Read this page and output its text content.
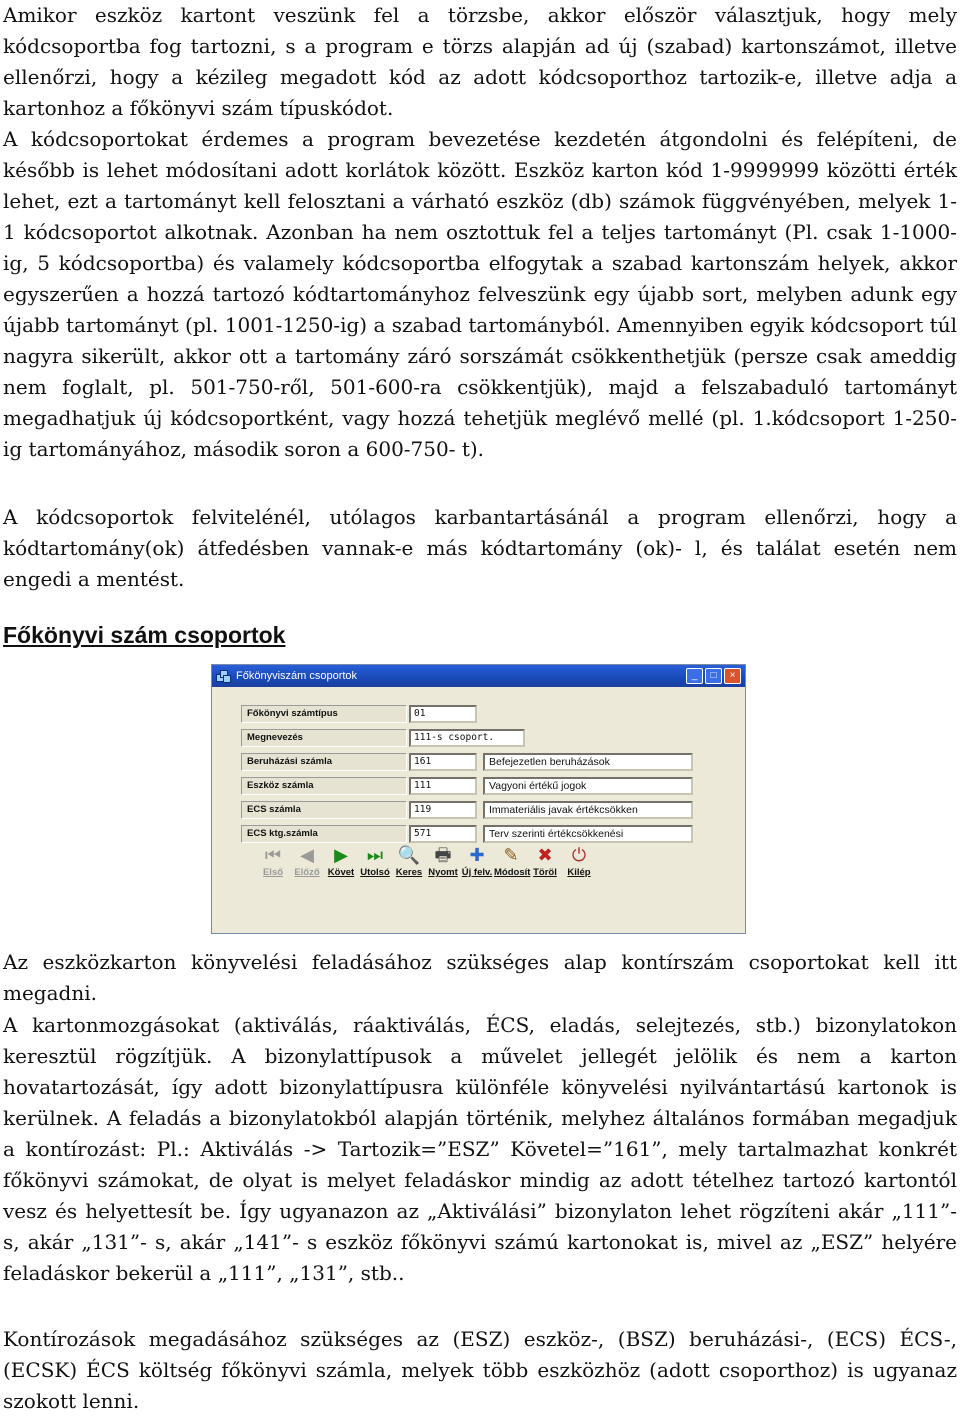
Amikor eszköz kartont veszünk fel a törzsbe, akkor először választjuk, hogy mely kódcsoportba fog tartozni, s a program e törzs alapján ad új (szabad) kartonszámot, illetve ellenőrzi, hogy a kézileg megadott kód az adott kódcsoporthoz tartozik-e, illetve adja a kartonhoz a főkönyvi szám típuskódot.

A kódcsoportokat érdemes a program bevezetése kezdetén átgondolni és felépíteni, de később is lehet módosítani adott korlátok között. Eszköz karton kód 1-9999999 közötti érték lehet, ezt a tartományt kell felosztani a várható eszköz (db) számok függvényében, melyek 1-1 kódcsoportot alkotnak. Azonban ha nem osztottuk fel a teljes tartományt (Pl. csak 1-1000-ig, 5 kódcsoportba) és valamely kódcsoportba elfogytak a szabad kartonszám helyek, akkor egyszerűen a hozzá tartozó kódtartományhoz felveszünk egy újabb sort, melyben adunk egy újabb tartományt (pl. 1001-1250-ig) a szabad tartományból. Amennyiben egyik kódcsoport túl nagyra sikerült, akkor ott a tartomány záró sorszámát csökkenthetjük (persze csak ameddig nem foglalt, pl. 501-750-ről, 501-600-ra csökkentjük), majd a felszabaduló tartományt megadhatjuk új kódcsoportként, vagy hozzá tehetjük meglévő mellé (pl. 1.kódcsoport 1-250-ig tartományához, második soron a 600-750- t).

A kódcsoportok felvitelénél, utólagos karbantartásánál a program ellenőrzi, hogy a kódtartomány(ok) átfedésben vannak-e más kódtartomány (ok)- l, és találat esetén nem engedi a mentést.

Főkönyvi szám csoportok
Főkönyviszám csoportok	_	□	×
Főkönyvi számtípus	01
Megnevezés	111-s csoport.
Beruházási számla	161	Befejezetlen beruházások
Eszköz számla	111	Vagyoni értékű jogok
ECS számla	119	Immateriális javak értékcsökken
ECS ktg.számla	571	Terv szerinti értékcsökkenési
⏮
Első
◀
Előző
▶
Követ
⏭
Utolsó
🔍
Keres
🖶
Nyomt
✚
Új felv.
✎
Módosít
✖
Töröl
⏻
Kilép

Az eszközkarton könyvelési feladásához szükséges alap kontírszám csoportokat kell itt megadni.

A kartonmozgásokat (aktiválás, ráaktiválás, ÉCS, eladás, selejtezés, stb.) bizonylatokon keresztül rögzítjük. A bizonylattípusok a művelet jellegét jelölik és nem a karton hovatartozását, így adott bizonylattípusra különféle könyvelési nyilvántartású kartonok is kerülnek. A feladás a bizonylatokból alapján történik, melyhez általános formában megadjuk a kontírozást: Pl.: Aktiválás -> Tartozik=”ESZ” Követel=”161”, mely tartalmazhat konkrét főkönyvi számokat, de olyat is melyet feladáskor mindig az adott tételhez tartozó kartontól vesz és helyettesít be. Így ugyanazon az „Aktiválási” bizonylaton lehet rögzíteni akár „111”- s, akár „131”- s, akár „141”- s eszköz főkönyvi számú kartonokat is, mivel az „ESZ” helyére feladáskor bekerül a „111”, „131”, stb..

Kontírozások megadásához szükséges az (ESZ) eszköz-, (BSZ) beruházási-, (ECS) ÉCS-, (ECSK) ÉCS költség főkönyvi számla, melyek több eszközhöz (adott csoporthoz) is ugyanaz szokott lenni.
